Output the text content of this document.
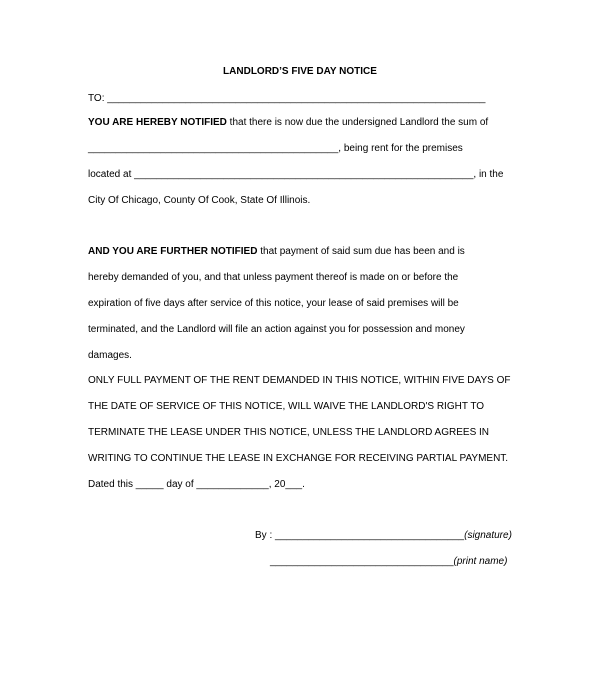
LANDLORD’S FIVE DAY NOTICE
TO: ____________________________________________________________________
YOU ARE HEREBY NOTIFIED that there is now due the undersigned Landlord the sum of
_____________________________________________, being rent for the premises
located at _____________________________________________________________, in the
City Of Chicago, County Of Cook, State Of Illinois.
AND YOU ARE FURTHER NOTIFIED that payment of said sum due has been and is
hereby demanded of you, and that unless payment thereof is made on or before the
expiration of five days after service of this notice, your lease of said premises will be
terminated, and the Landlord will file an action against you for possession and money
damages.
ONLY FULL PAYMENT OF THE RENT DEMANDED IN THIS NOTICE, WITHIN FIVE DAYS OF
THE DATE OF SERVICE OF THIS NOTICE, WILL WAIVE THE LANDLORD'S RIGHT TO
TERMINATE THE LEASE UNDER THIS NOTICE, UNLESS THE LANDLORD AGREES IN
WRITING TO CONTINUE THE LEASE IN EXCHANGE FOR RECEIVING PARTIAL PAYMENT.
Dated this _____ day of _____________, 20___.
By : __________________________________(signature)
_________________________________(print name)
